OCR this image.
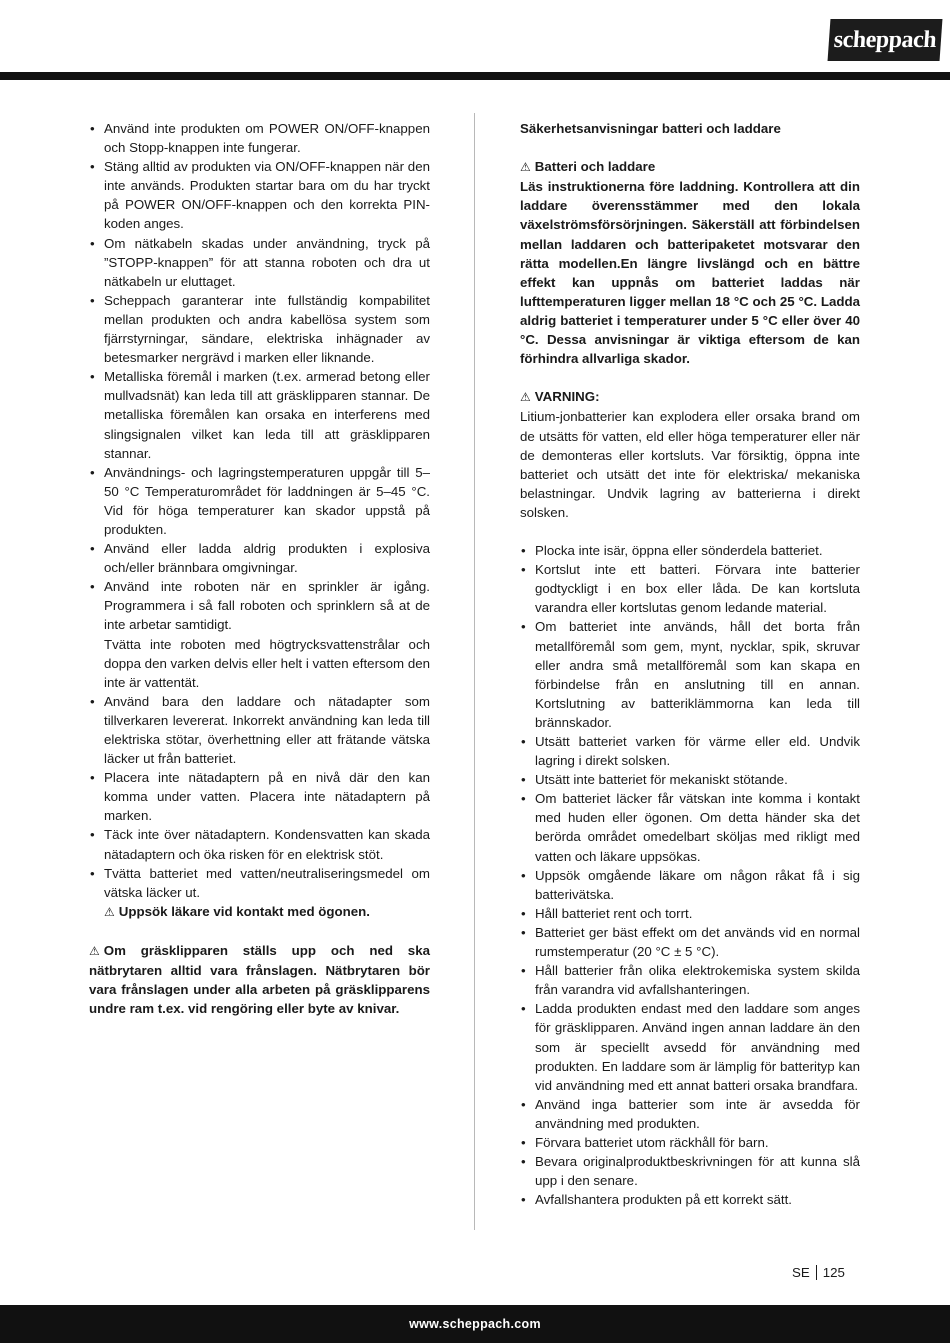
scheppach
• Använd inte produkten om POWER ON/OFF-knappen och Stopp-knappen inte fungerar.
• Stäng alltid av produkten via ON/OFF-knappen när den inte används. Produkten startar bara om du har tryckt på POWER ON/OFF-knappen och den korrekta PIN-koden anges.
• Om nätkabeln skadas under användning, tryck på ”STOPP-knappen” för att stanna roboten och dra ut nätkabeln ur eluttaget.
• Scheppach garanterar inte fullständig kompabilitet mellan produkten och andra kabellösa system som fjärrstyrningar, sändare, elektriska inhägnader av betesmarker nergrävd i marken eller liknande.
• Metalliska föremål i marken (t.ex. armerad betong eller mullvadsnät) kan leda till att gräsklipparen stannar. De metalliska föremålen kan orsaka en interferens med slingsignalen vilket kan leda till att gräsklipparen stannar.
• Användnings- och lagringstemperaturen uppgår till 5–50 °C Temperaturområdet för laddningen är 5–45 °C. Vid för höga temperaturer kan skador uppstå på produkten.
• Använd eller ladda aldrig produkten i explosiva och/eller brännbara omgivningar.
• Använd inte roboten när en sprinkler är igång. Programmera i så fall roboten och sprinklern så at de inte arbetar samtidigt.

Tvätta inte roboten med högtrycksvattenstrålar och doppa den varken delvis eller helt i vatten eftersom den inte är vattentät.

• Använd bara den laddare och nätadapter som tillverkaren levererat. Inkorrekt användning kan leda till elektriska stötar, överhettning eller att frätande vätska läcker ut från batteriet.
• Placera inte nätadaptern på en nivå där den kan komma under vatten. Placera inte nätadaptern på marken.
• Täck inte över nätadaptern. Kondensvatten kan skada nätadaptern och öka risken för en elektrisk stöt.
• Tvätta batteriet med vatten/neutraliseringsmedel om vätska läcker ut.

⚠ Uppsök läkare vid kontakt med ögonen.

⚠ Om gräsklipparen ställs upp och ned ska nätbrytaren alltid vara frånslagen. Nätbrytaren bör vara frånslagen under alla arbeten på gräsklipparens undre ram t.ex. vid rengöring eller byte av knivar.

Säkerhetsanvisningar batteri och laddare

⚠ Batteri och laddare

Läs instruktionerna före laddning. Kontrollera att din laddare överensstämmer med den lokala växelströmsförsörjningen. Säkerställ att förbindelsen mellan laddaren och batteripaketet motsvarar den rätta modellen.En längre livslängd och en bättre effekt kan uppnås om batteriet laddas när lufttemperaturen ligger mellan 18 °C och 25 °C. Ladda aldrig batteriet i temperaturer under 5 °C eller över 40 °C. Dessa anvisningar är viktiga eftersom de kan förhindra allvarliga skador.

⚠ VARNING:

Litium-jonbatterier kan explodera eller orsaka brand om de utsätts för vatten, eld eller höga temperaturer eller när de demonteras eller kortsluts. Var försiktig, öppna inte batteriet och utsätt det inte för elektriska/ mekaniska belastningar. Undvik lagring av batterierna i direkt solsken.

• Plocka inte isär, öppna eller sönderdela batteriet.
• Kortslut inte ett batteri. Förvara inte batterier godtyckligt i en box eller låda. De kan kortsluta varandra eller kortslutas genom ledande material.
• Om batteriet inte används, håll det borta från metallföremål som gem, mynt, nycklar, spik, skruvar eller andra små metallföremål som kan skapa en förbindelse från en anslutning till en annan. Kortslutning av batteriklämmorna kan leda till brännskador.
• Utsätt batteriet varken för värme eller eld. Undvik lagring i direkt solsken.
• Utsätt inte batteriet för mekaniskt stötande.
• Om batteriet läcker får vätskan inte komma i kontakt med huden eller ögonen. Om detta händer ska det berörda området omedelbart sköljas med rikligt med vatten och läkare uppsökas.
• Uppsök omgående läkare om någon råkat få i sig batterivätska.
• Håll batteriet rent och torrt.
• Batteriet ger bäst effekt om det används vid en normal rumstemperatur (20 °C ± 5 °C).
• Håll batterier från olika elektrokemiska system skilda från varandra vid avfallshanteringen.
• Ladda produkten endast med den laddare som anges för gräsklipparen. Använd ingen annan laddare än den som är speciellt avsedd för användning med produkten. En laddare som är lämplig för batterityp kan vid användning med ett annat batteri orsaka brandfara.
• Använd inga batterier som inte är avsedda för användning med produkten.
• Förvara batteriet utom räckhåll för barn.
• Bevara originalproduktbeskrivningen för att kunna slå upp i den senare.
• Avfallshantera produkten på ett korrekt sätt.
SE 125
www.scheppach.com
